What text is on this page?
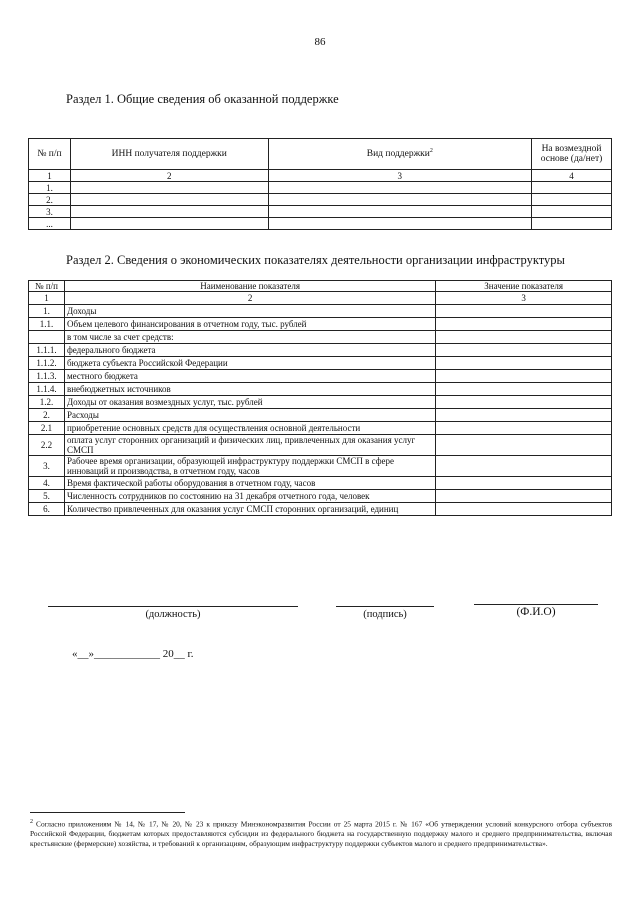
86
Раздел 1. Общие сведения об оказанной поддержке
№ п/п	ИНН получателя поддержки	Вид поддержки$^2$	На возмездной основе (да/нет)
1	2	3	4
1.			
2.			
3.			
...			
Раздел 2. Сведения о экономических показателях деятельности организации инфраструктуры
№ п/п	Наименование показателя	Значение показателя
1	2	3
1.	Доходы	
1.1.	Объем целевого финансирования в отчетном году, тыс. рублей	
	в том числе за счет средств:	
1.1.1.	федерального бюджета	
1.1.2.	бюджета субъекта Российской Федерации	
1.1.3.	местного бюджета	
1.1.4.	внебюджетных источников	
1.2.	Доходы от оказания возмездных услуг, тыс. рублей	
2.	Расходы	
2.1	приобретение основных средств для осуществления основной деятельности	
2.2	оплата услуг сторонних организаций и физических лиц, привлеченных для оказания услуг СМСП	
3.	Рабочее время организации, образующей инфраструктуру поддержки СМСП в сфере инноваций и производства, в отчетном году, часов	
4.	Время фактической работы оборудования в отчетном году, часов	
5.	Численность сотрудников по состоянию на 31 декабря отчетного года, человек	
6.	Количество привлеченных для оказания услуг СМСП сторонних организаций, единиц	
(должность)	(подпись)	(Ф.И.О)
«__»____________ 20__ г.
$^2$ Согласно приложениям № 14, № 17, № 20, № 23 к приказу Минэкономразвития России от 25 марта 2015 г. № 167 «Об утверждении условий конкурсного отбора субъектов Российской Федерации, бюджетам которых предоставляются субсидии из федерального бюджета на государственную поддержку малого и среднего предпринимательства, включая крестьянские (фермерские) хозяйства, и требований к организациям, образующим инфраструктуру поддержки субъектов малого и среднего предпринимательства».
